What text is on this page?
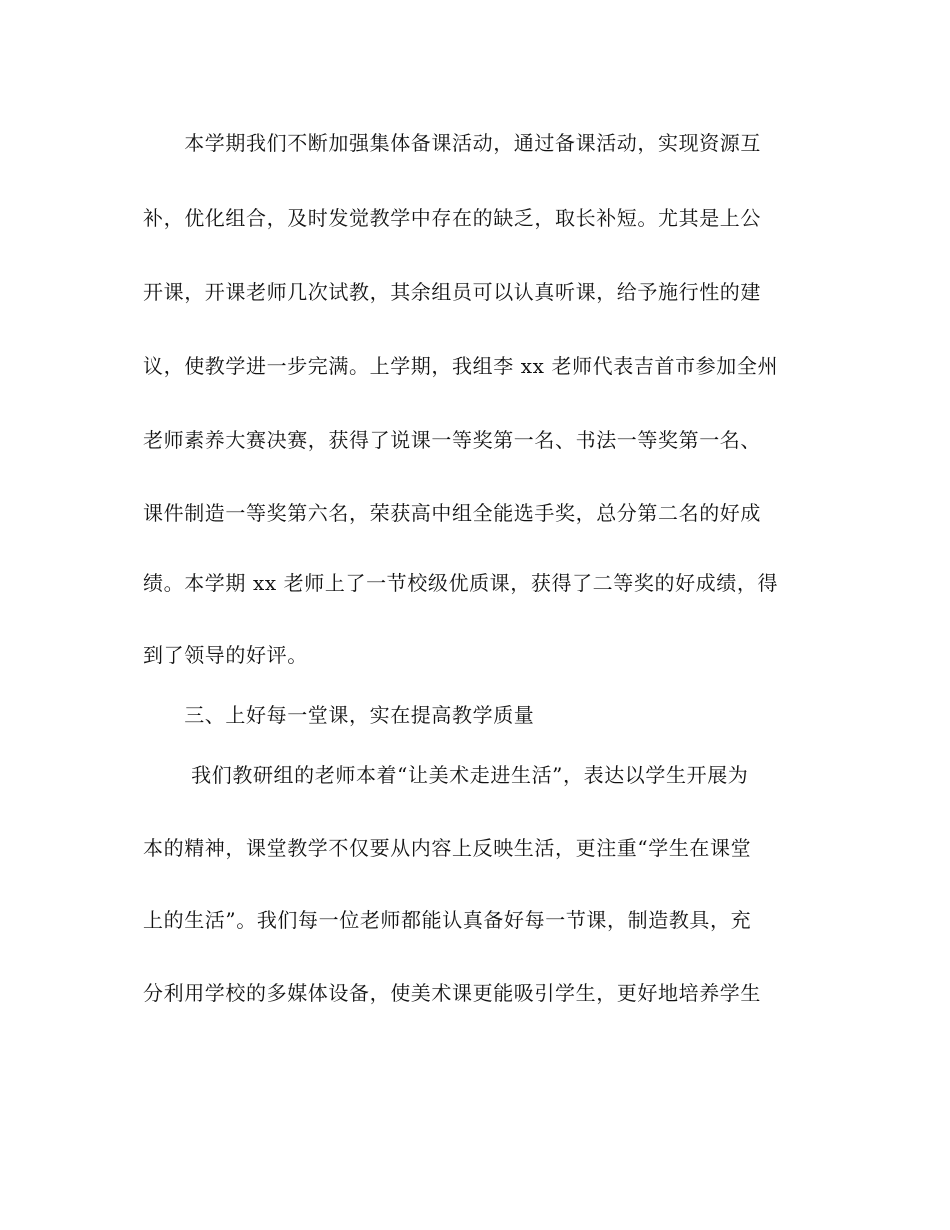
　　本学期我们不断加强集体备课活动，通过备课活动，实现资源互
补，优化组合，及时发觉教学中存在的缺乏，取长补短。尤其是上公
开课，开课老师几次试教，其余组员可以认真听课，给予施行性的建
议，使教学进一步完满。上学期，我组李 xx 老师代表吉首市参加全州
老师素养大赛决赛，获得了说课一等奖第一名、书法一等奖第一名、
课件制造一等奖第六名，荣获高中组全能选手奖，总分第二名的好成
绩。本学期 xx 老师上了一节校级优质课，获得了二等奖的好成绩，得
到了领导的好评。
　　三、上好每一堂课，实在提高教学质量
　　 我们教研组的老师本着“让美术走进生活”，表达以学生开展为
本的精神，课堂教学不仅要从内容上反映生活，更注重“学生在课堂
上的生活”。我们每一位老师都能认真备好每一节课，制造教具，充
分利用学校的多媒体设备，使美术课更能吸引学生，更好地培养学生
